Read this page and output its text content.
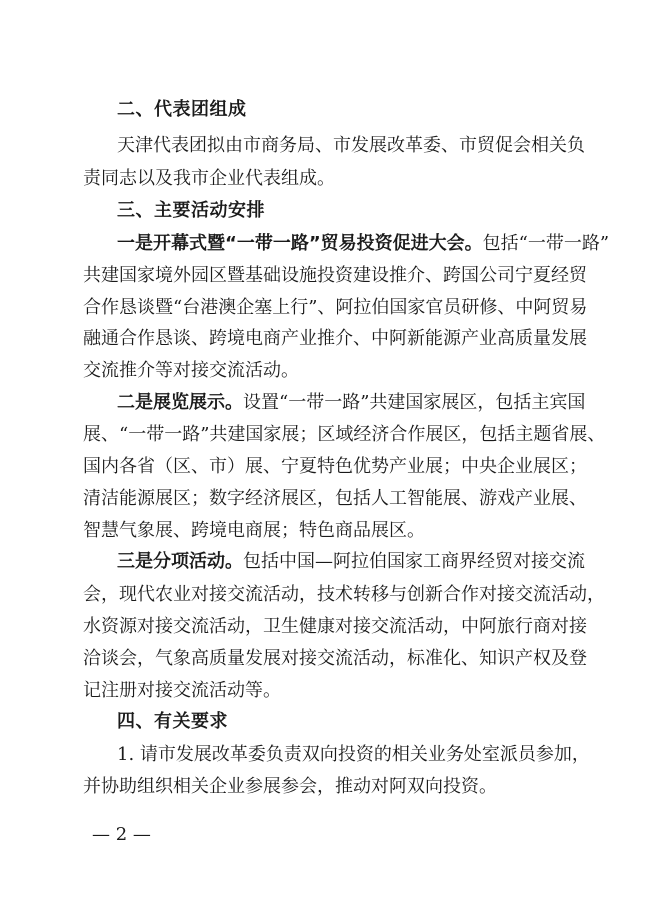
二、代表团组成
天津代表团拟由市商务局、市发展改革委、市贸促会相关负
责同志以及我市企业代表组成。
三、主要活动安排
一是开幕式暨“一带一路”贸易投资促进大会。包括“一带一路”
共建国家境外园区暨基础设施投资建设推介、跨国公司宁夏经贸
合作恳谈暨“台港澳企塞上行”、阿拉伯国家官员研修、中阿贸易
融通合作恳谈、跨境电商产业推介、中阿新能源产业高质量发展
交流推介等对接交流活动。
二是展览展示。设置“一带一路”共建国家展区，包括主宾国
展、“一带一路”共建国家展；区域经济合作展区，包括主题省展、
国内各省（区、市）展、宁夏特色优势产业展；中央企业展区；
清洁能源展区；数字经济展区，包括人工智能展、游戏产业展、
智慧气象展、跨境电商展；特色商品展区。
三是分项活动。包括中国—阿拉伯国家工商界经贸对接交流
会，现代农业对接交流活动，技术转移与创新合作对接交流活动，
水资源对接交流活动，卫生健康对接交流活动，中阿旅行商对接
洽谈会，气象高质量发展对接交流活动，标准化、知识产权及登
记注册对接交流活动等。
四、有关要求
1. 请市发展改革委负责双向投资的相关业务处室派员参加，
并协助组织相关企业参展参会，推动对阿双向投资。
— 2 —
